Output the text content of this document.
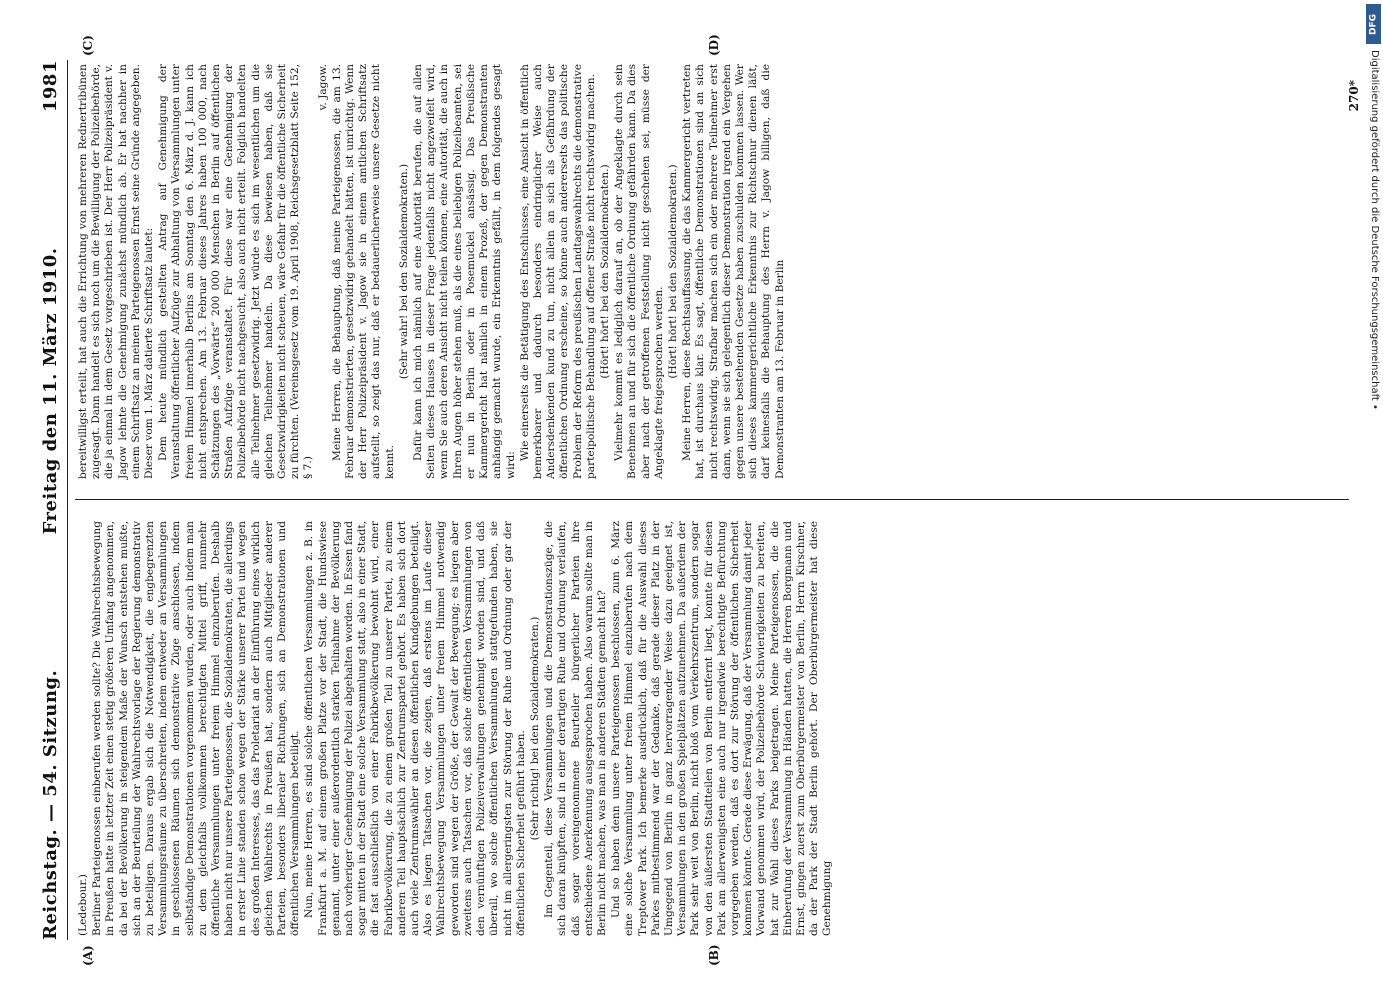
Reichstag. — 54. Sitzung.
Freitag den 11. März 1910.
1981
(A)	(B)
(C)	(D)

(Ledebour.) Berliner Parteigenossen einberufen werden sollte? Die Wahlrechtsbewegung in Preußen hatte in letzter Zeit einen stetig größeren Umfang angenommen, da bei der Bevölkerung in steigendem Maße der Wunsch entstehen mußte, sich an der Beurteilung der Wahlrechtsvorlage der Regierung demonstrativ zu beteiligen. Daraus ergab sich die Notwendigkeit, die engbegrenzten Versammlungsräume zu überschreiten, indem entweder an Versammlungen in geschlossenen Räumen sich demonstrative Züge anschlossen, indem selbständige Demonstrationen vorgenommen wurden, oder auch indem man zu dem gleichfalls vollkommen berechtigten Mittel griff, nunmehr öffentliche Versammlungen unter freiem Himmel einzuberufen. Deshalb haben nicht nur unsere Parteigenossen, die Sozialdemokraten, die allerdings in erster Linie standen schon wegen der Stärke unserer Partei und wegen des großen Interesses, das das Proletariat an der Einführung eines wirklich gleichen Wahlrechts in Preußen hat, sondern auch Mitglieder anderer Parteien, besonders liberaler Richtungen, sich an Demonstrationen und öffentlichen Versammlungen beteiligt. Nun, meine Herren, es sind solche öffentlichen Versammlungen z. B. in Frankfurt a. M. auf einem großen Platze vor der Stadt, die Hundswiese genannt, unter einer außerordentlich starken Teilnahme der Bevölkerung nach vorheriger Genehmigung der Polizei abgehalten worden. In Essen fand sogar mitten in der Stadt eine solche Versammlung statt, also in einer Stadt, die fast ausschließlich von einer Fabrikbevölkerung bewohnt wird, einer Fabrikbevölkerung, die zu einem großen Teil zu unserer Partei, zu einem anderen Teil hauptsächlich zur Zentrumspartei gehört. Es haben sich dort auch viele Zentrumswähler an diesen öffentlichen Kundgebungen beteiligt. Also es liegen Tatsachen vor, die zeigen, daß erstens im Laufe dieser Wahlrechtsbewegung Versammlungen unter freiem Himmel notwendig geworden sind wegen der Größe, der Gewalt der Bewegung; es liegen aber zweitens auch Tatsachen vor, daß solche öffentlichen Versammlungen von den vernünftigen Polizeiverwaltungen genehmigt worden sind, und daß überall, wo solche öffentlichen Versammlungen stattgefunden haben, sie nicht im allergeringsten zur Störung der Ruhe und Ordnung oder gar der öffentlichen Sicherheit geführt haben. (Sehr richtig! bei den Sozialdemokraten.) Im Gegenteil, diese Versammlungen und die Demonstrationszüge, die sich daran knüpften, sind in einer derartigen Ruhe und Ordnung verlaufen, daß sogar voreingenommene Beurteiler bürgerlicher Parteien ihre entschiedene Anerkennung ausgesprochen haben. Also warum sollte man in Berlin nicht machen, was man in anderen Städten gemacht hat? Und so haben denn unsere Parteigenossen beschlossen, zum 6. März eine solche Versammlung unter freiem Himmel einzuberufen nach dem Treptower Park. Ich bemerke ausdrücklich, daß für die Auswahl dieses Parkes mitbestimmend war der Gedanke, daß gerade dieser Platz in der Umgegend von Berlin in ganz hervorragender Weise dazu geeignet ist, Versammlungen in den großen Spielplätzen aufzunehmen. Da außerdem der Park sehr weit von Berlin, nicht bloß vom Verkehrszentrum, sondern sogar von den äußersten Stadtteilen von Berlin entfernt liegt, konnte für diesen Park am allerwenigsten eine auch nur irgendwie berechtigte Befürchtung vorgegeben werden, daß es dort zur Störung der öffentlichen Sicherheit kommen könnte. Gerade diese Erwägung, daß der Versammlung damit jeder Vorwand genommen wird, der Polizeibehörde Schwierigkeiten zu bereiten, hat zur Wahl dieses Parks beigetragen. Meine Parteigenossen, die die Einberufung der Versammlung in Händen hatten, die Herren Borgmann und Ernst, gingen zuerst zum Oberbürgermeister von Berlin, Herrn Kirschner, da der Park der Stadt Berlin gehört. Der Oberbürgermeister hat diese Genehmigung

bereitwilligst erteilt, hat auch die Errichtung von mehreren Rednertribünen zugesagt. Dann handelt es sich noch um die Bewilligung der Polizeibehörde, die ja einmal in dem Gesetz vorgeschrieben ist. Der Herr Polizeipräsident v. Jagow lehnte die Genehmigung zunächst mündlich ab. Er hat nachher in einem Schriftsatz an meinen Parteigenossen Ernst seine Gründe angegeben. Dieser vom 1. März datierte Schriftsatz lautet: Dem heute mündlich gestellten Antrag auf Genehmigung der Veranstaltung öffentlicher Aufzüge zur Abhaltung von Versammlungen unter freiem Himmel innerhalb Berlins am Sonntag den 6. März d. J. kann ich nicht entsprechen. Am 13. Februar dieses Jahres haben 100 000, nach Schätzungen des „Vorwärts“ 200 000 Menschen in Berlin auf öffentlichen Straßen Aufzüge veranstaltet. Für diese war eine Genehmigung der Polizeibehörde nicht nachgesucht, also auch nicht erteilt. Folglich handelten alle Teilnehmer gesetzwidrig. Jetzt würde es sich im wesentlichen um die gleichen Teilnehmer handeln. Da diese bewiesen haben, daß sie Gesetzwidrigkeiten nicht scheuen, wäre Gefahr für die öffentliche Sicherheit zu fürchten. (Vereinsgesetz vom 19. April 1908, Reichsgesetzblatt Seite 152, § 7.)

v. Jagow. Meine Herren, die Behauptung, daß meine Parteigenossen, die am 13. Februar demonstrierten, gesetzwidrig gehandelt hätten, ist unrichtig. Wenn der Herr Polizeipräsident v. Jagow sie in einem amtlichen Schriftsatz aufstellt, so zeigt das nur, daß er bedauerlicherweise unsere Gesetze nicht kennt.

(Sehr wahr! bei den Sozialdemokraten.) Dafür kann ich mich nämlich auf eine Autorität berufen, die auf allen Seiten dieses Hauses in dieser Frage jedenfalls nicht angezweifelt wird, wenn Sie auch deren Ansicht nicht teilen können, eine Autorität, die auch in Ihren Augen höher stehen muß, als die eines beliebigen Polizeibeamten, sei er nun in Berlin oder in Posemuckel ansässig. Das Preußische Kammergericht hat nämlich in einem Prozeß, der gegen Demonstranten anhängig gemacht wurde, ein Erkenntnis gefällt, in dem folgendes gesagt wird:

Wie einerseits die Betätigung des Entschlusses, eine Ansicht in öffentlich bemerkbarer und dadurch besonders eindringlicher Weise auch Andersdenkenden kund zu tun, nicht allein an sich als Gefährdung der öffentlichen Ordnung erscheine, so könne auch andererseits das politische Problem der Reform des preußischen Landtagswahlrechts die demonstrative parteipolitische Behandlung auf offener Straße nicht rechtswidrig machen. (Hört! hört! bei den Sozialdemokraten.) Vielmehr kommt es lediglich darauf an, ob der Angeklagte durch sein Benehmen an und für sich die öffentliche Ordnung gefährden kann. Da dies aber nach der getroffenen Feststellung nicht geschehen sei, müsse der Angeklagte freigesprochen werden.

(Hört! hört! bei den Sozialdemokraten.) Meine Herren, diese Rechtsauffassung, die das Kammergericht vertreten hat, ist durchaus klar. Es sagt, öffentliche Demonstrationen sind an sich nicht rechtswidrig. Strafbar machen sich ein oder mehrere Teilnehmer erst dann, wenn sie sich gelegentlich dieser Demonstration irgend ein Vergehen gegen unsere bestehenden Gesetze haben zuschulden kommen lassen. Wer sich dieses kammergerichtliche Erkenntnis zur Richtschnur dienen läßt, darf keinesfalls die Behauptung des Herrn v. Jagow billigen, daß die Demonstranten am 13. Februar in Berlin

270*
DFG
Digitalisierung gefördert durch die Deutsche Forschungsgemeinschaft •
